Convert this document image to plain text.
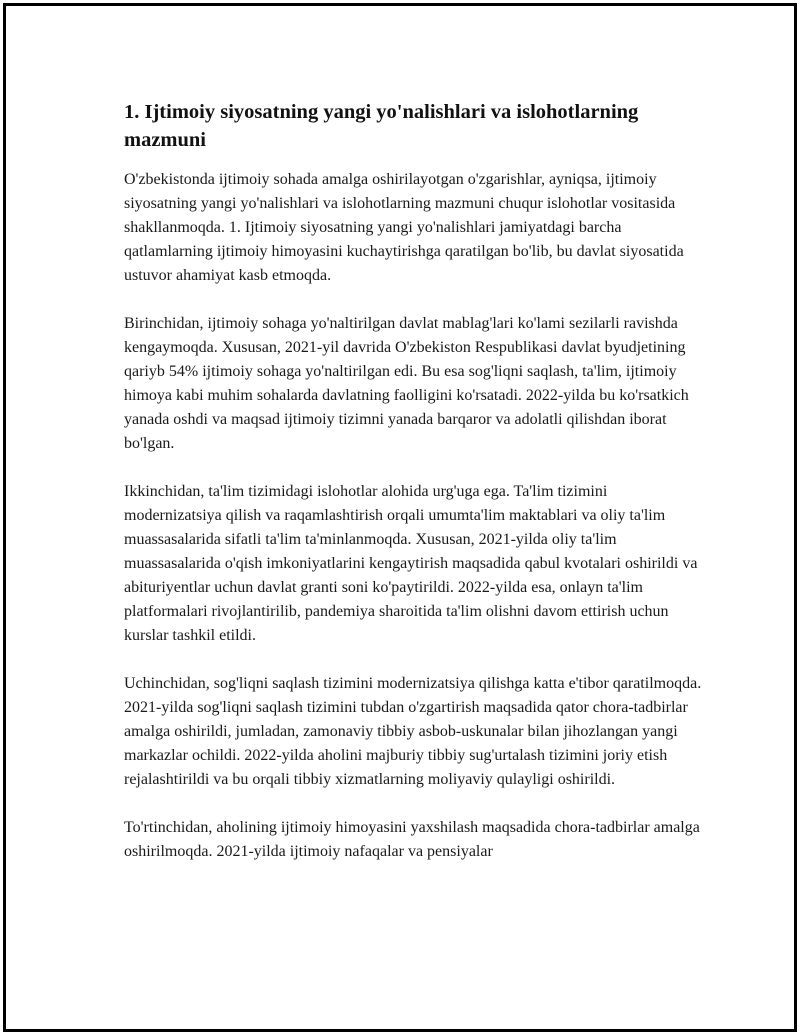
1. Ijtimoiy siyosatning yangi yo'nalishlari va islohotlarning mazmuni

O'zbekistonda ijtimoiy sohada amalga oshirilayotgan o'zgarishlar, ayniqsa, ijtimoiy siyosatning yangi yo'nalishlari va islohotlarning mazmuni chuqur islohotlar vositasida shakllanmoqda. 1. Ijtimoiy siyosatning yangi yo'nalishlari jamiyatdagi barcha qatlamlarning ijtimoiy himoyasini kuchaytirishga qaratilgan bo'lib, bu davlat siyosatida ustuvor ahamiyat kasb etmoqda.

Birinchidan, ijtimoiy sohaga yo'naltirilgan davlat mablag'lari ko'lami sezilarli ravishda kengaymoqda. Xususan, 2021-yil davrida O'zbekiston Respublikasi davlat byudjetining qariyb 54% ijtimoiy sohaga yo'naltirilgan edi. Bu esa sog'liqni saqlash, ta'lim, ijtimoiy himoya kabi muhim sohalarda davlatning faolligini ko'rsatadi. 2022-yilda bu ko'rsatkich yanada oshdi va maqsad ijtimoiy tizimni yanada barqaror va adolatli qilishdan iborat bo'lgan.

Ikkinchidan, ta'lim tizimidagi islohotlar alohida urg'uga ega. Ta'lim tizimini modernizatsiya qilish va raqamlashtirish orqali umumta'lim maktablari va oliy ta'lim muassasalarida sifatli ta'lim ta'minlanmoqda. Xususan, 2021-yilda oliy ta'lim muassasalarida o'qish imkoniyatlarini kengaytirish maqsadida qabul kvotalari oshirildi va abituriyentlar uchun davlat granti soni ko'paytirildi. 2022-yilda esa, onlayn ta'lim platformalari rivojlantirilib, pandemiya sharoitida ta'lim olishni davom ettirish uchun kurslar tashkil etildi.

Uchinchidan, sog'liqni saqlash tizimini modernizatsiya qilishga katta e'tibor qaratilmoqda. 2021-yilda sog'liqni saqlash tizimini tubdan o'zgartirish maqsadida qator chora-tadbirlar amalga oshirildi, jumladan, zamonaviy tibbiy asbob-uskunalar bilan jihozlangan yangi markazlar ochildi. 2022-yilda aholini majburiy tibbiy sug'urtalash tizimini joriy etish rejalashtirildi va bu orqali tibbiy xizmatlarning moliyaviy qulayligi oshirildi.

To'rtinchidan, aholining ijtimoiy himoyasini yaxshilash maqsadida chora-tadbirlar amalga oshirilmoqda. 2021-yilda ijtimoiy nafaqalar va pensiyalar
